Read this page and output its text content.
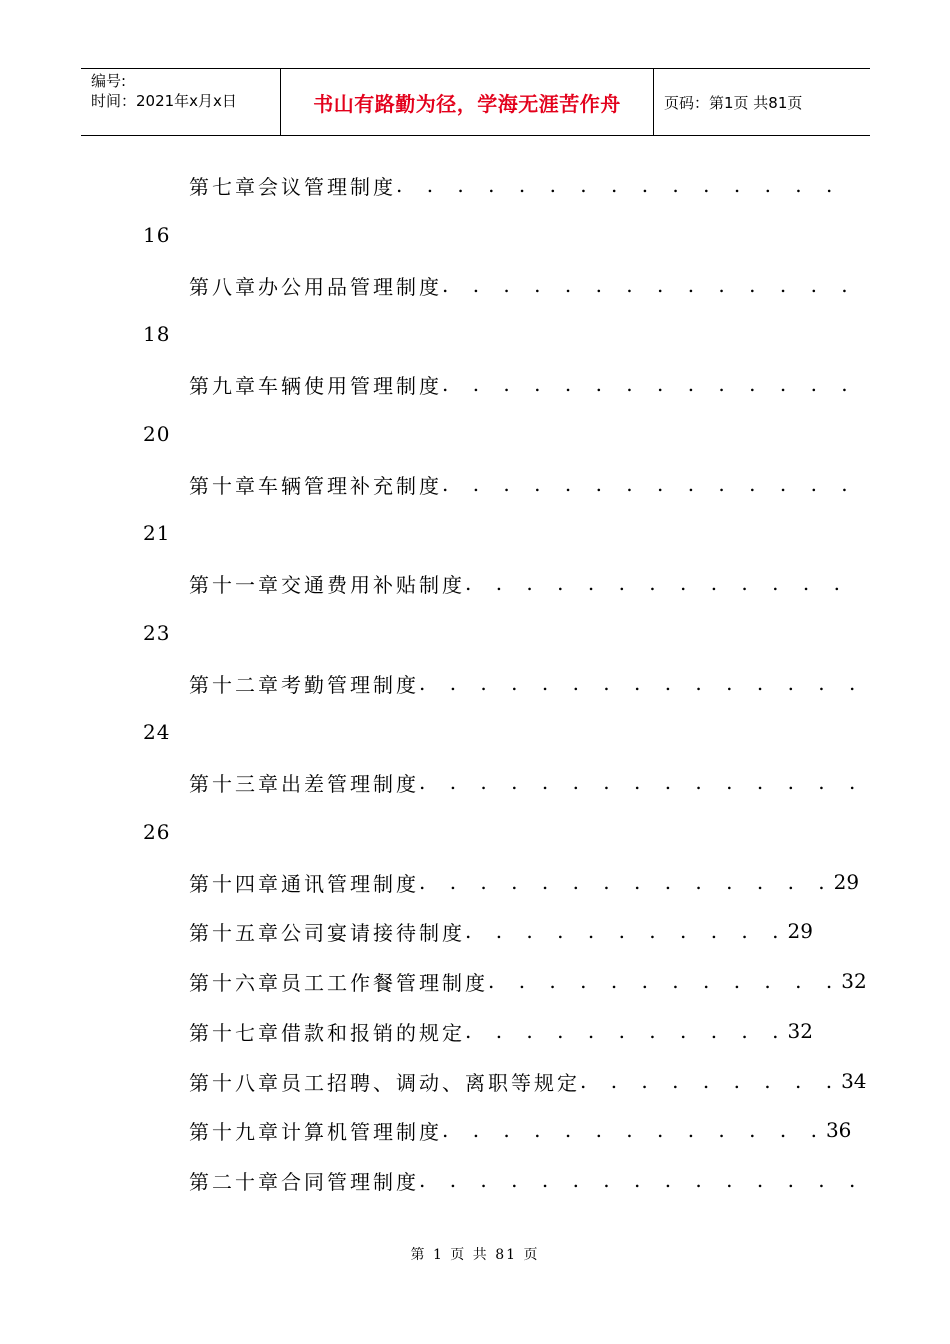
编号:
时间：2021年x月x日	书山有路勤为径，学海无涯苦作舟	页码：第1页 共81页
第七章 会议管理制度 . . . . . . . . . . . . . . .
16
第八章 办公用品管理制度 . . . . . . . . . . . . . .
18
第九章 车辆使用管理制度 . . . . . . . . . . . . . .
20
第十章 车辆管理补充制度 . . . . . . . . . . . . . .
21
第十一章 交通费用补贴制度 . . . . . . . . . . . . .
23
第十二章 考勤管理制度 . . . . . . . . . . . . . . .
24
第十三章 出差管理制度 . . . . . . . . . . . . . . .
26
第十四章 通讯管理制度 . . . . . . . . . . . . . . 29
第十五章 公司宴请接待制度 . . . . . . . . . . . 29
第十六章 员工工作餐管理制度 . . . . . . . . . . . . 32
第十七章 借款和报销的规定 . . . . . . . . . . . 32
第十八章 员工招聘、调动、离职等规定 . . . . . . . . . 34
第十九章 计算机管理制度 . . . . . . . . . . . . . 36
第二十章 合同管理制度 . . . . . . . . . . . . . . .
第 1 页 共 81 页
